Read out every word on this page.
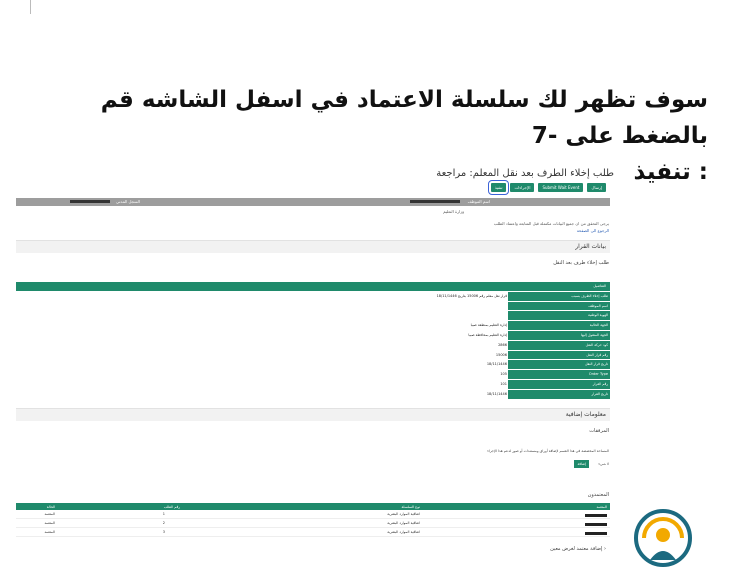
سوف تظهر لك سلسلة الاعتماد في اسفل الشاشه قم بالضغط على -7
: تنفيذ
طلب إخلاء الطرف بعد نقل المعلم: مراجعة
إرسال
Submit Wait Event
الإجراءات
تنفيذ
اسم الموظف
السجل المدني
وزارة التعليم
يرجى التحقق من ان جميع البيانات مكتملة قبل المتابعة واعتماد الطلب
الرجوع الى الصفحة
بيانات القرار
طلب إخلاء طرف بعد النقل
التفاصيل
طلب إخلاء الطرف بسبب
قرار نقل معلم رقم 15006 بتاريخ 18/11/1446
اسم الموظف
الهوية الوطنية
الجهة الحالية
إدارة التعليم بمنطقة صبيا
الجهة المنقول إليها
إدارة التعليم بمحافظة صبيا
كود حركة النقل
2866
رقم قرار النقل
15006
تاريخ قرار النقل
18/11/1446
Order Type
105
رقم القرار
101
تاريخ القرار
18/11/1446
معلومات إضافية
المرفقات
المساحة المخصصة في هذا القسم لإضافة أوراق ومستندات أو صور لدعم هذا الإجراء
إضافة	لا شيء
المعتمدون
المعتمد
نوع السلسلة
رقم الطلب
الحالة
اتفاقية الموارد البشرية
1
المعتمد
اتفاقية الموارد البشرية
2
المعتمد
اتفاقية الموارد البشرية
3
المعتمد
‹ إضافة معتمد لغرض معين
